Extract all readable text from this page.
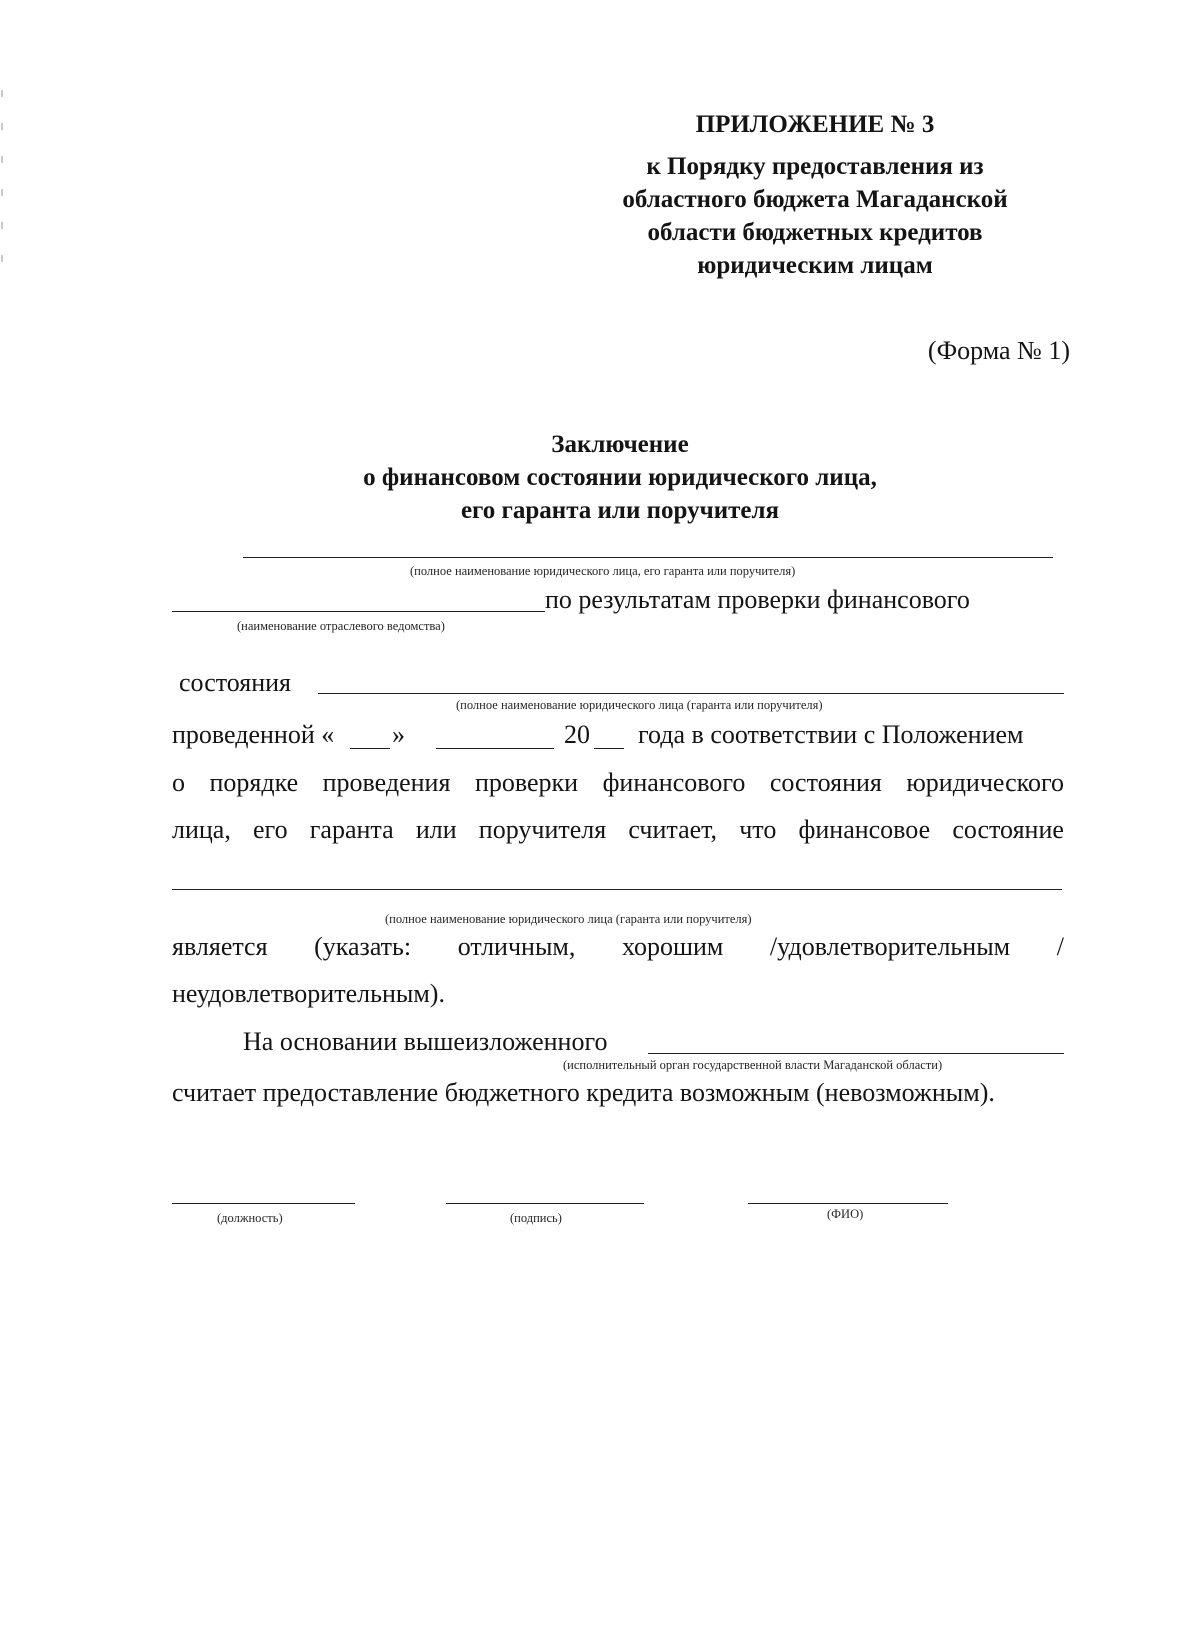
ПРИЛОЖЕНИЕ № 3
к Порядку предоставления из
областного бюджета Магаданской
области бюджетных кредитов
юридическим лицам
(Форма № 1)
Заключение
о финансовом состоянии юридического лица,
его гаранта или поручителя
(полное наименование юридического лица, его гаранта или поручителя)
по результатам проверки финансового
(наименование отраслевого ведомства)
состояния
(полное наименование юридического лица (гаранта или поручителя)
проведенной « »	20 года в соответствии с Положением
о порядке проведения проверки финансового состояния юридического
лица, его гаранта или поручителя считает, что финансовое состояние
(полное наименование юридического лица (гаранта или поручителя)
является (указать: отличным, хорошим /удовлетворительным /
неудовлетворительным).
На основании вышеизложенного
(исполнительный орган государственной власти Магаданской области)
считает предоставление бюджетного кредита возможным (невозможным).
(должность)	(подпись)	(ФИО)
